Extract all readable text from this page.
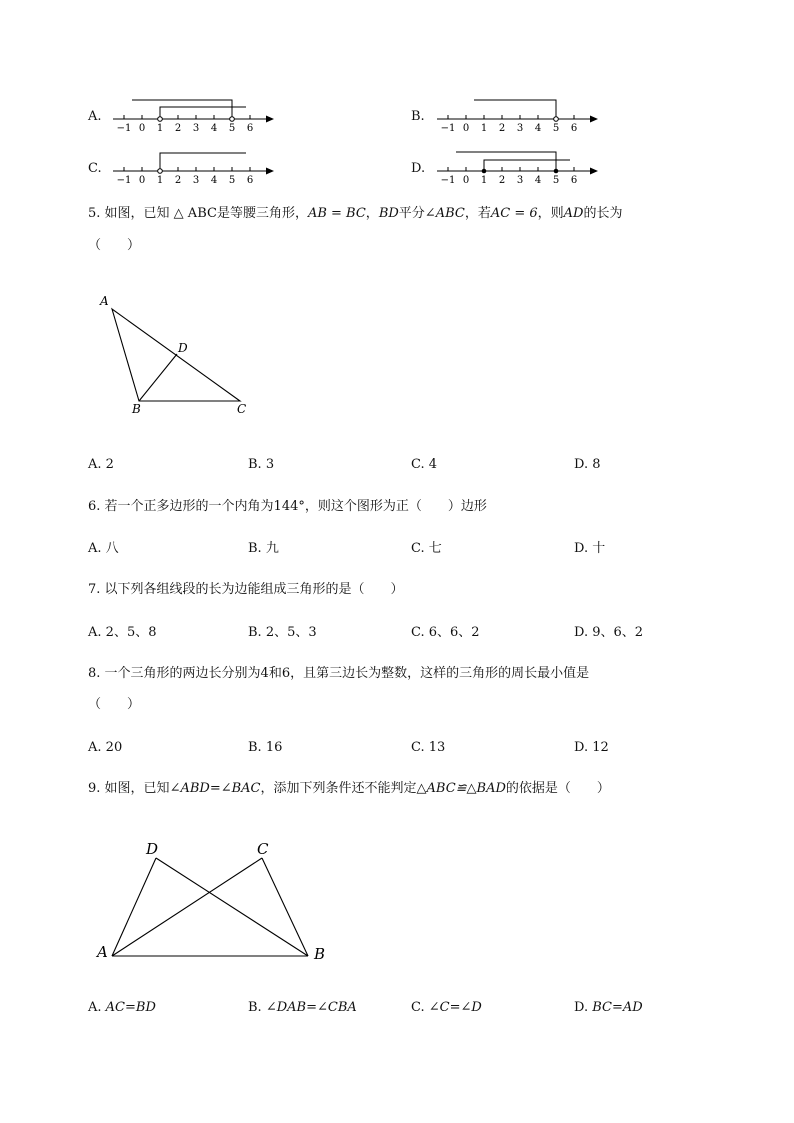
A.
−1 0 1 2 3 4 5 6
B.
−1 0 1 2 3 4 5 6
C.
−1 0 1 2 3 4 5 6
D.
−1 0 1 2 3 4 5 6
5. 如图，已知 △ ABC是等腰三角形，AB = BC，BD平分∠ABC，若AC = 6，则AD的长为
（　　）
A
B	C
D
A. 2	B. 3	C. 4	D. 8
6. 若一个正多边形的一个内角为144°，则这个图形为正（　　）边形
A. 八	B. 九	C. 七	D. 十
7. 以下列各组线段的长为边能组成三角形的是（　　）
A. 2、5、8	B. 2、5、3	C. 6、6、2	D. 9、6、2
8. 一个三角形的两边长分别为4和6，且第三边长为整数，这样的三角形的周长最小值是
（　　）
A. 20	B. 16	C. 13	D. 12
9. 如图，已知∠ABD=∠BAC，添加下列条件还不能判定△ABC≌△BAD的依据是（　　）
D	C
A	B
A. AC=BD	B. ∠DAB=∠CBA	C. ∠C=∠D	D. BC=AD
